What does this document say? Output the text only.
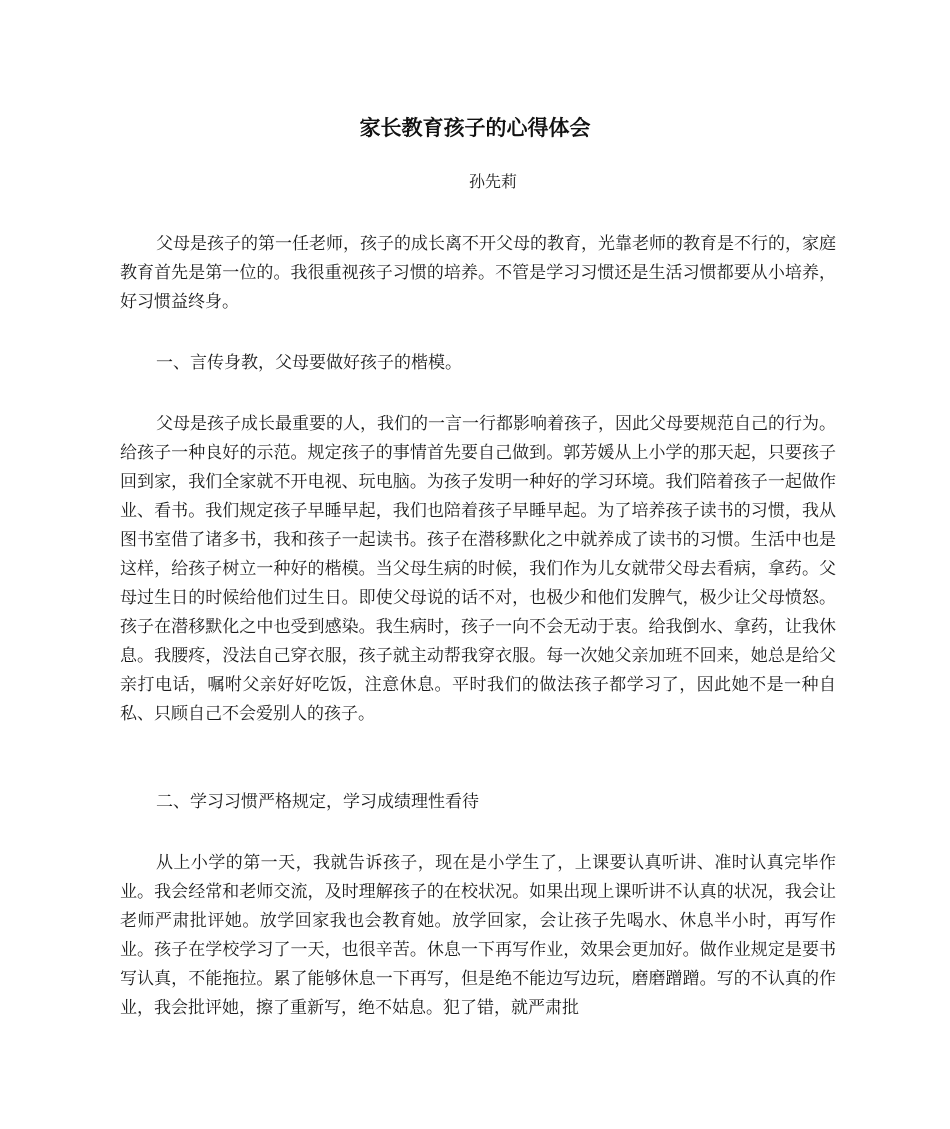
家长教育孩子的心得体会
孙先莉

父母是孩子的第一任老师，孩子的成长离不开父母的教育，光靠老师的教育是不行的，家庭教育首先是第一位的。我很重视孩子习惯的培养。不管是学习习惯还是生活习惯都要从小培养，好习惯益终身。

一、言传身教，父母要做好孩子的楷模。

父母是孩子成长最重要的人，我们的一言一行都影响着孩子，因此父母要规范自己的行为。给孩子一种良好的示范。规定孩子的事情首先要自己做到。郭芳媛从上小学的那天起，只要孩子回到家，我们全家就不开电视、玩电脑。为孩子发明一种好的学习环境。我们陪着孩子一起做作业、看书。我们规定孩子早睡早起，我们也陪着孩子早睡早起。为了培养孩子读书的习惯，我从图书室借了诸多书，我和孩子一起读书。孩子在潜移默化之中就养成了读书的习惯。生活中也是这样，给孩子树立一种好的楷模。当父母生病的时候，我们作为儿女就带父母去看病，拿药。父母过生日的时候给他们过生日。即使父母说的话不对，也极少和他们发脾气，极少让父母愤怒。孩子在潜移默化之中也受到感染。我生病时，孩子一向不会无动于衷。给我倒水、拿药，让我休息。我腰疼，没法自己穿衣服，孩子就主动帮我穿衣服。每一次她父亲加班不回来，她总是给父亲打电话，嘱咐父亲好好吃饭，注意休息。平时我们的做法孩子都学习了，因此她不是一种自私、只顾自己不会爱别人的孩子。

二、学习习惯严格规定，学习成绩理性看待

从上小学的第一天，我就告诉孩子，现在是小学生了，上课要认真听讲、准时认真完毕作业。我会经常和老师交流，及时理解孩子的在校状况。如果出现上课听讲不认真的状况，我会让老师严肃批评她。放学回家我也会教育她。放学回家，会让孩子先喝水、休息半小时，再写作业。孩子在学校学习了一天，也很辛苦。休息一下再写作业，效果会更加好。做作业规定是要书写认真，不能拖拉。累了能够休息一下再写，但是绝不能边写边玩，磨磨蹭蹭。写的不认真的作业，我会批评她，擦了重新写，绝不姑息。犯了错，就严肃批
